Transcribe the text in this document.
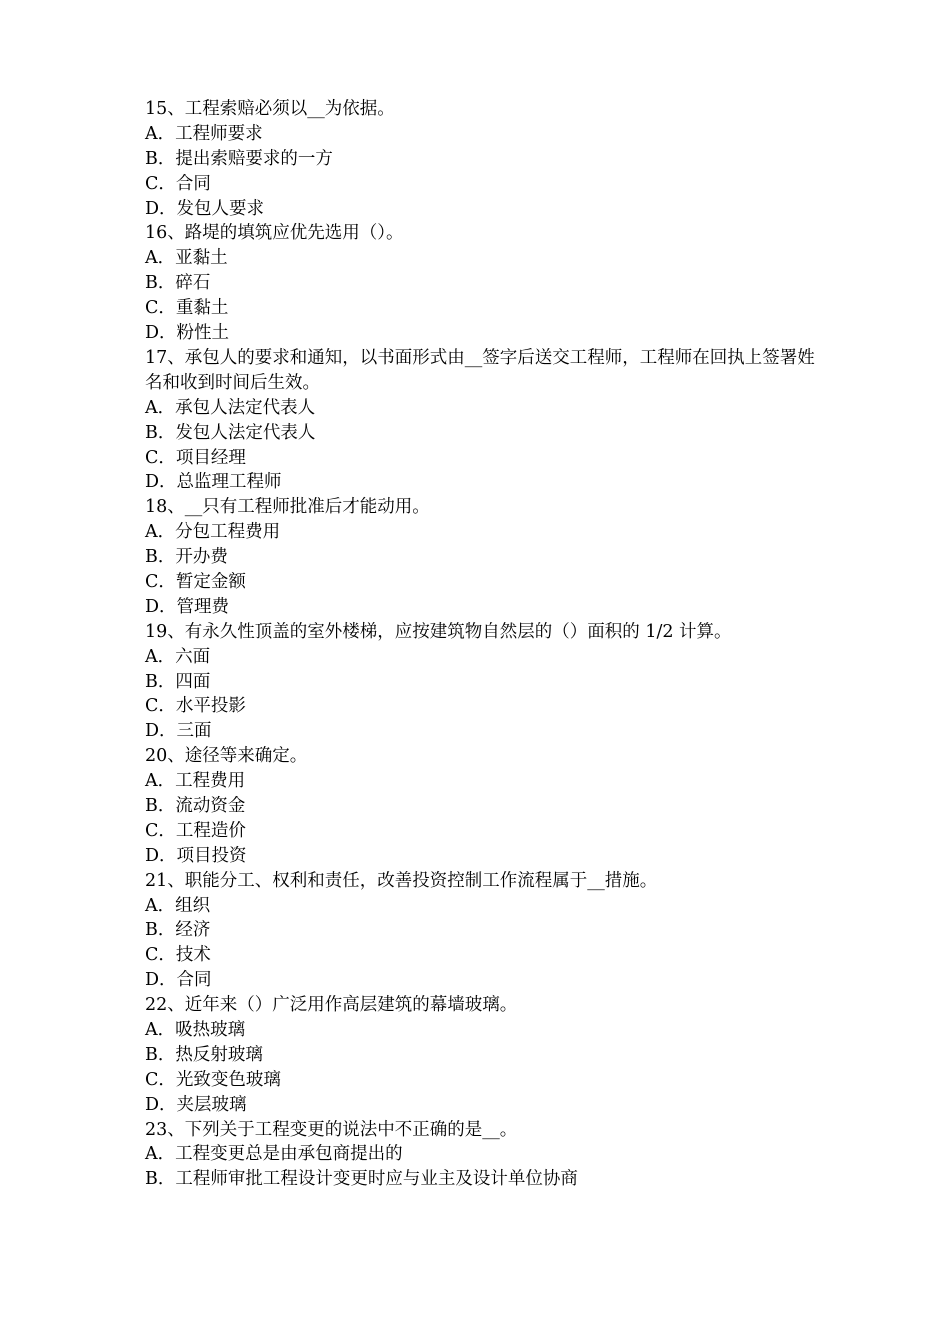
15、工程索赔必须以__为依据。

A．工程师要求

B．提出索赔要求的一方

C．合同

D．发包人要求

16、路堤的填筑应优先选用（）。

A．亚黏土

B．碎石

C．重黏土

D．粉性土

17、承包人的要求和通知，以书面形式由__签字后送交工程师，工程师在回执上签署姓名和收到时间后生效。

A．承包人法定代表人

B．发包人法定代表人

C．项目经理

D．总监理工程师

18、__只有工程师批准后才能动用。

A．分包工程费用

B．开办费

C．暂定金额

D．管理费

19、有永久性顶盖的室外楼梯，应按建筑物自然层的（）面积的 1/2 计算。

A．六面

B．四面

C．水平投影

D．三面

20、途径等来确定。

A．工程费用

B．流动资金

C．工程造价

D．项目投资

21、职能分工、权利和责任，改善投资控制工作流程属于__措施。

A．组织

B．经济

C．技术

D．合同

22、近年来（）广泛用作高层建筑的幕墙玻璃。

A．吸热玻璃

B．热反射玻璃

C．光致变色玻璃

D．夹层玻璃

23、下列关于工程变更的说法中不正确的是__。

A．工程变更总是由承包商提出的

B．工程师审批工程设计变更时应与业主及设计单位协商
